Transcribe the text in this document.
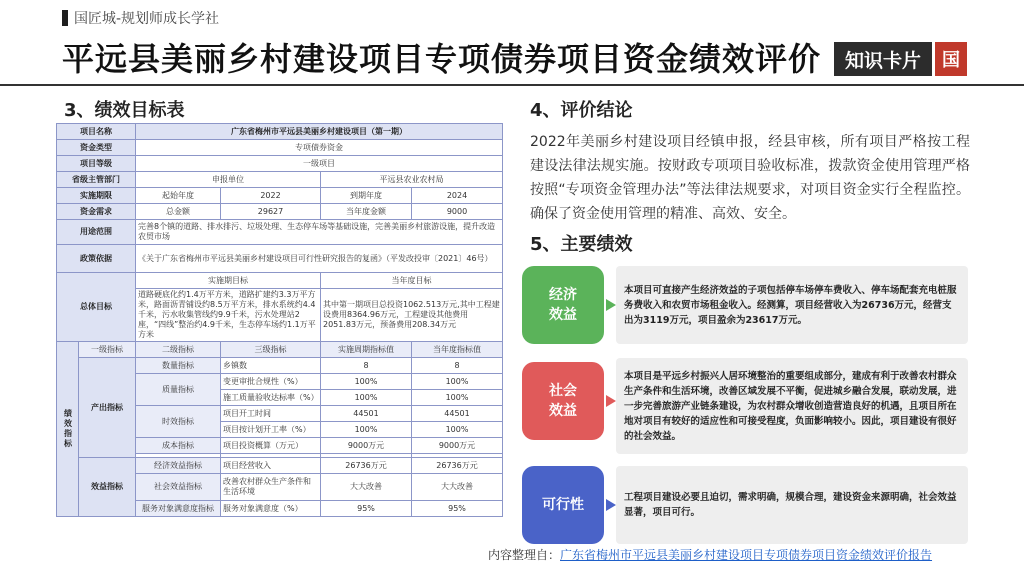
国匠城-规划师成长学社
平远县美丽乡村建设项目专项债券项目资金绩效评价	知识卡片	国
3、绩效目标表
项目名称		广东省梅州市平远县美丽乡村建设项目（第一期）			
资金类型		专项债券资金			
项目等级		一级项目			
省级主管部门		申报单位		平远县农业农村局	
实施期限		起始年度	2022	到期年度	2024
资金需求		总金额	29627	当年度金额	9000
用途范围		完善8个镇的道路、排水排污、垃圾处理、生态停车场等基础设施，完善美丽乡村旅游设施，提升改造农贸市场			
政策依据		《关于广东省梅州市平远县美丽乡村建设项目可行性研究报告的复函》（平发改投审〔2021〕46号）			
总体目标		实施期目标		当年度目标	
		道路硬底化约1.4万平方米，道路扩建约3.3万平方米，路面沥青铺设约8.5万平方米，排水系统约4.4千米，污水收集管线约9.9千米，污水处理站2座，“四线”整治约4.9千米，生态停车场约1.1万平方米		其中第一期项目总投资1062.513万元,其中工程建设费用8364.96万元，工程建设其他费用2051.83万元，预备费用208.34万元	
绩效指标	一级指标	二级指标	三级指标	实施周期指标值	当年度指标值
	产出指标	数量指标	乡镇数	8	8
		质量指标	变更审批合规性（%）	100%	100%
			施工质量验收达标率（%）	100%	100%
		时效指标	项目开工时间	44501	44501
			项目按计划开工率（%）	100%	100%
		成本指标	项目投资概算（万元）	9000万元	9000万元

	效益指标	经济效益指标	项目经营收入	26736万元	26736万元
		社会效益指标	改善农村群众生产条件和生活环境	大大改善	大大改善
		服务对象满意度指标	服务对象满意度（%）	95%	95%
4、评价结论
2022年美丽乡村建设项目经镇申报，经县审核，所有项目严格按工程建设法律法规实施。按财政专项项目验收标准，拨款资金使用管理严格按照“专项资金管理办法”等法律法规要求，对项目资金实行全程监控。确保了资金使用管理的精准、高效、安全。
5、主要绩效
经济
效益
本项目可直接产生经济效益的子项包括停车场停车费收入、停车场配套充电桩服务费收入和农贸市场租金收入。经测算，项目经营收入为26736万元，经营支出为3119万元，项目盈余为23617万元。
社会
效益
本项目是平远乡村振兴人居环境整治的重要组成部分，建成有利于改善农村群众生产条件和生活环境，改善区域发展不平衡，促进城乡融合发展，联动发展，进一步完善旅游产业链条建设，为农村群众增收创造营造良好的机遇，且项目所在地对项目有较好的适应性和可接受程度，负面影响较小。因此，项目建设有很好的社会效益。
可行性	工程项目建设必要且迫切，需求明确，规模合理，建设资金来源明确，社会效益显著，项目可行。
内容整理自：广东省梅州市平远县美丽乡村建设项目专项债券项目资金绩效评价报告
